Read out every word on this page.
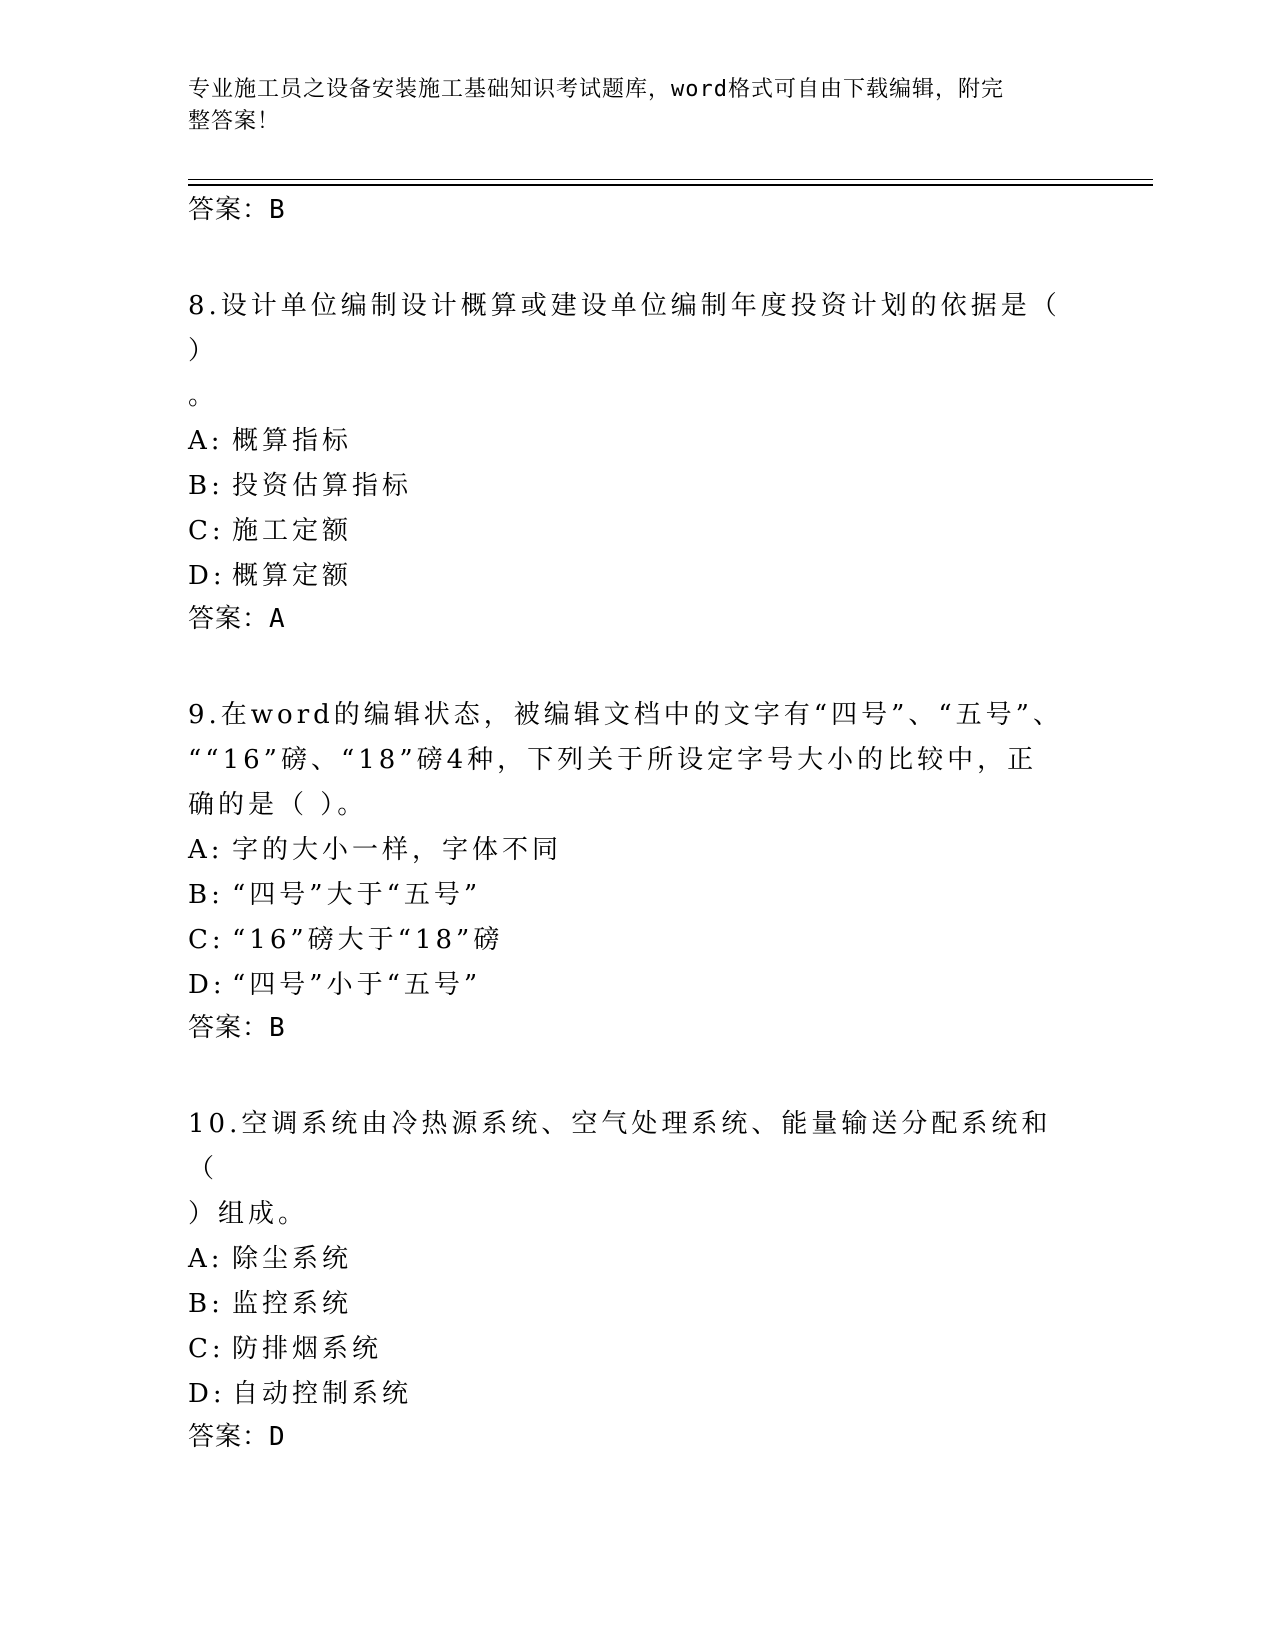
专业施工员之设备安装施工基础知识考试题库，word格式可自由下载编辑，附完
整答案！
答案：B
8.设计单位编制设计概算或建设单位编制年度投资计划的依据是（ ）
。
A: 概算指标
B: 投资估算指标
C: 施工定额
D: 概算定额
答案：A
9.在word的编辑状态，被编辑文档中的文字有“四号”、“五号”、
““16”磅、“18”磅4种，下列关于所设定字号大小的比较中，正
确的是（ ）。
A: 字的大小一样，字体不同
B: “四号”大于“五号”
C: “16”磅大于“18”磅
D: “四号”小于“五号”
答案：B
10.空调系统由冷热源系统、空气处理系统、能量输送分配系统和（
）组成。
A: 除尘系统
B: 监控系统
C: 防排烟系统
D: 自动控制系统
答案：D
